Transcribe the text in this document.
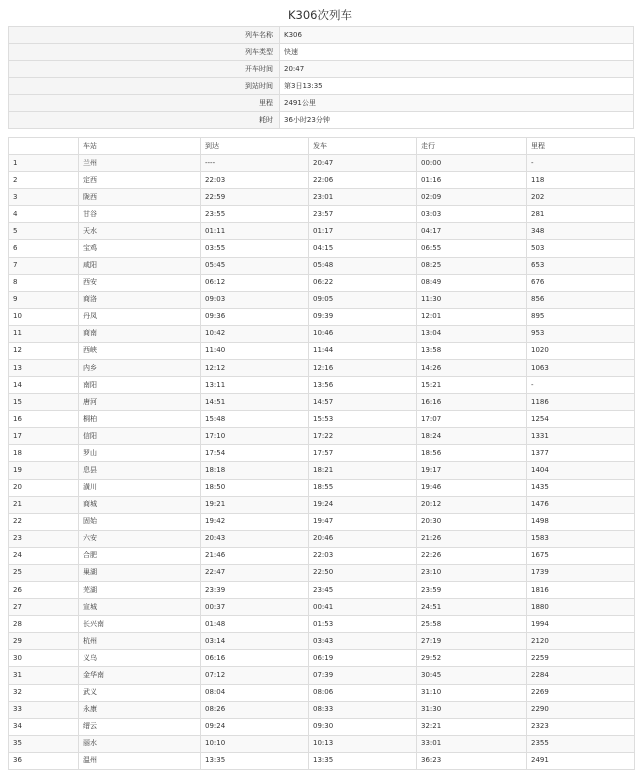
K306次列车
列车名称	K306
列车类型	快速
开车时间	20:47
到站时间	第3日13:35
里程	2491公里
耗时	36小时23分钟
	车站	到达	发车	走行	里程
1	兰州	----	20:47	00:00	-
2	定西	22:03	22:06	01:16	118
3	陇西	22:59	23:01	02:09	202
4	甘谷	23:55	23:57	03:03	281
5	天水	01:11	01:17	04:17	348
6	宝鸡	03:55	04:15	06:55	503
7	咸阳	05:45	05:48	08:25	653
8	西安	06:12	06:22	08:49	676
9	商洛	09:03	09:05	11:30	856
10	丹凤	09:36	09:39	12:01	895
11	商南	10:42	10:46	13:04	953
12	西峡	11:40	11:44	13:58	1020
13	内乡	12:12	12:16	14:26	1063
14	南阳	13:11	13:56	15:21	-
15	唐河	14:51	14:57	16:16	1186
16	桐柏	15:48	15:53	17:07	1254
17	信阳	17:10	17:22	18:24	1331
18	罗山	17:54	17:57	18:56	1377
19	息县	18:18	18:21	19:17	1404
20	潢川	18:50	18:55	19:46	1435
21	商城	19:21	19:24	20:12	1476
22	固始	19:42	19:47	20:30	1498
23	六安	20:43	20:46	21:26	1583
24	合肥	21:46	22:03	22:26	1675
25	巢湖	22:47	22:50	23:10	1739
26	芜湖	23:39	23:45	23:59	1816
27	宣城	00:37	00:41	24:51	1880
28	长兴南	01:48	01:53	25:58	1994
29	杭州	03:14	03:43	27:19	2120
30	义乌	06:16	06:19	29:52	2259
31	金华南	07:12	07:39	30:45	2284
32	武义	08:04	08:06	31:10	2269
33	永康	08:26	08:33	31:30	2290
34	缙云	09:24	09:30	32:21	2323
35	丽水	10:10	10:13	33:01	2355
36	温州	13:35	13:35	36:23	2491
